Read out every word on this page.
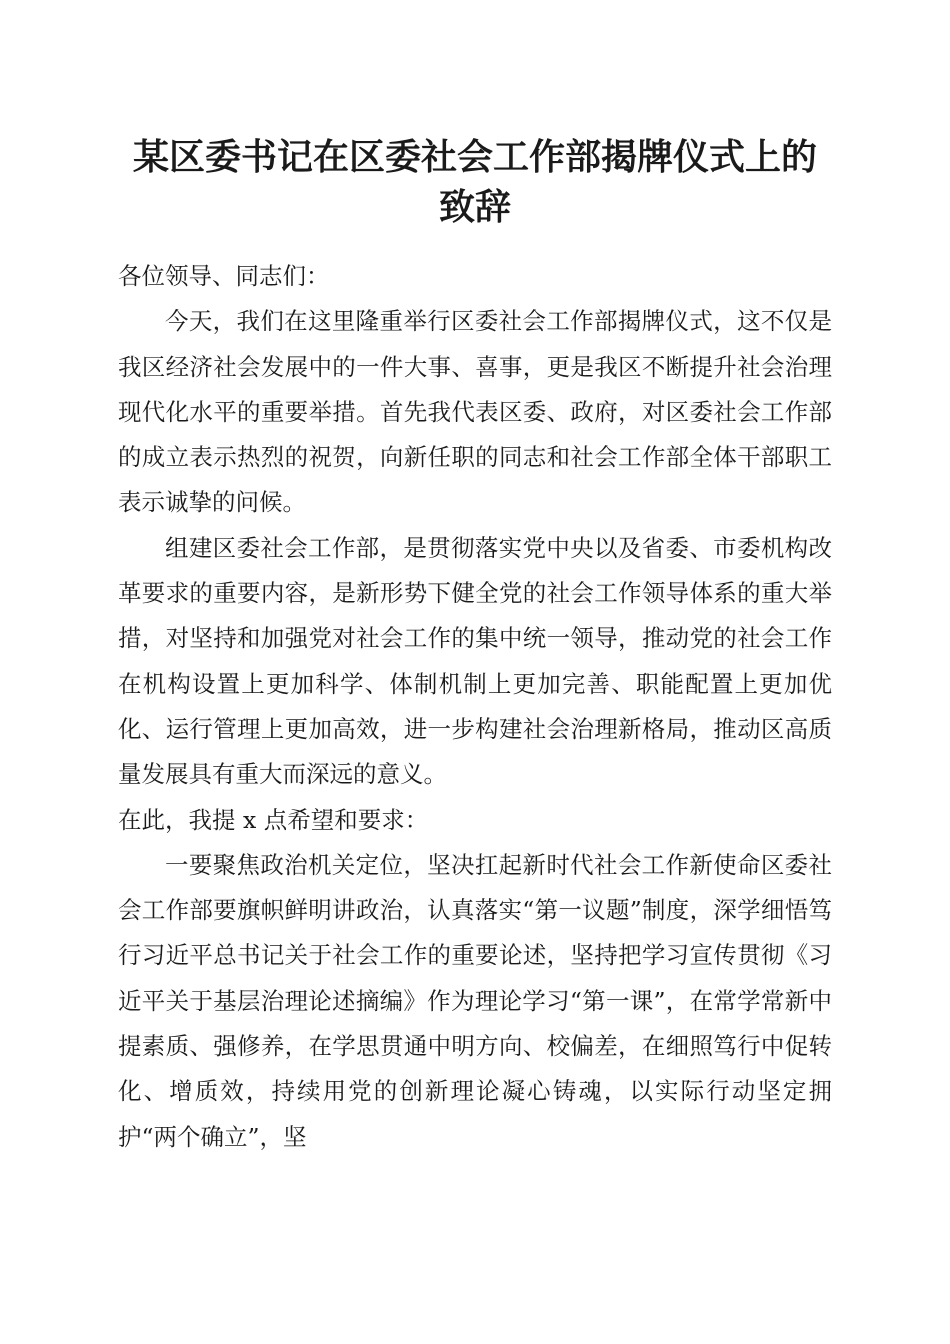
某区委书记在区委社会工作部揭牌仪式上的致辞

各位领导、同志们：

今天，我们在这里隆重举行区委社会工作部揭牌仪式，这不仅是我区经济社会发展中的一件大事、喜事，更是我区不断提升社会治理现代化水平的重要举措。首先我代表区委、政府，对区委社会工作部的成立表示热烈的祝贺，向新任职的同志和社会工作部全体干部职工表示诚挚的问候。

组建区委社会工作部，是贯彻落实党中央以及省委、市委机构改革要求的重要内容，是新形势下健全党的社会工作领导体系的重大举措，对坚持和加强党对社会工作的集中统一领导，推动党的社会工作在机构设置上更加科学、体制机制上更加完善、职能配置上更加优化、运行管理上更加高效，进一步构建社会治理新格局，推动区高质量发展具有重大而深远的意义。

在此，我提 x 点希望和要求：

一要聚焦政治机关定位，坚决扛起新时代社会工作新使命区委社会工作部要旗帜鲜明讲政治，认真落实“第一议题”制度，深学细悟笃行习近平总书记关于社会工作的重要论述，坚持把学习宣传贯彻《习近平关于基层治理论述摘编》作为理论学习“第一课”，在常学常新中提素质、强修养，在学思贯通中明方向、校偏差，在细照笃行中促转化、增质效，持续用党的创新理论凝心铸魂，以实际行动坚定拥护“两个确立”，坚
